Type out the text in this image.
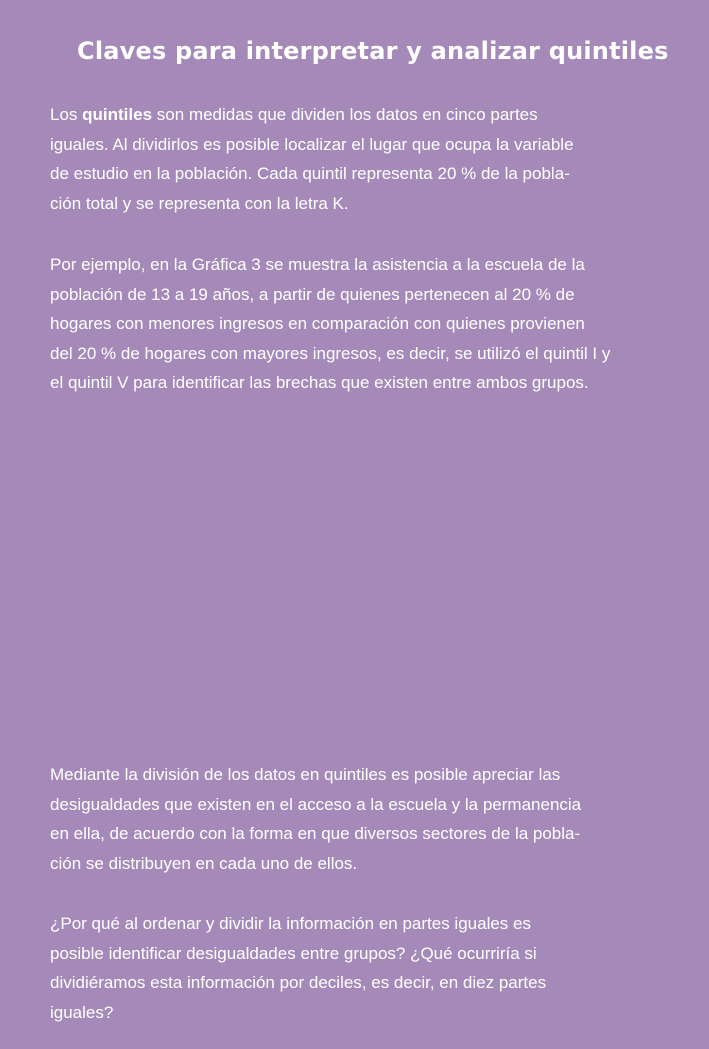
Claves para interpretar y analizar quintiles

Los quintiles son medidas que dividen los datos en cinco partes
iguales. Al dividirlos es posible localizar el lugar que ocupa la variable
de estudio en la población. Cada quintil representa 20 % de la pobla-
ción total y se representa con la letra K.

Por ejemplo, en la Gráfica 3 se muestra la asistencia a la escuela de la
población de 13 a 19 años, a partir de quienes pertenecen al 20 % de
hogares con menores ingresos en comparación con quienes provienen
del 20 % de hogares con mayores ingresos, es decir, se utilizó el quintil I y
el quintil V para identificar las brechas que existen entre ambos grupos.

Mediante la división de los datos en quintiles es posible apreciar las
desigualdades que existen en el acceso a la escuela y la permanencia
en ella, de acuerdo con la forma en que diversos sectores de la pobla-
ción se distribuyen en cada uno de ellos.

¿Por qué al ordenar y dividir la información en partes iguales es
posible identificar desigualdades entre grupos? ¿Qué ocurriría si
dividiéramos esta información por deciles, es decir, en diez partes
iguales?
